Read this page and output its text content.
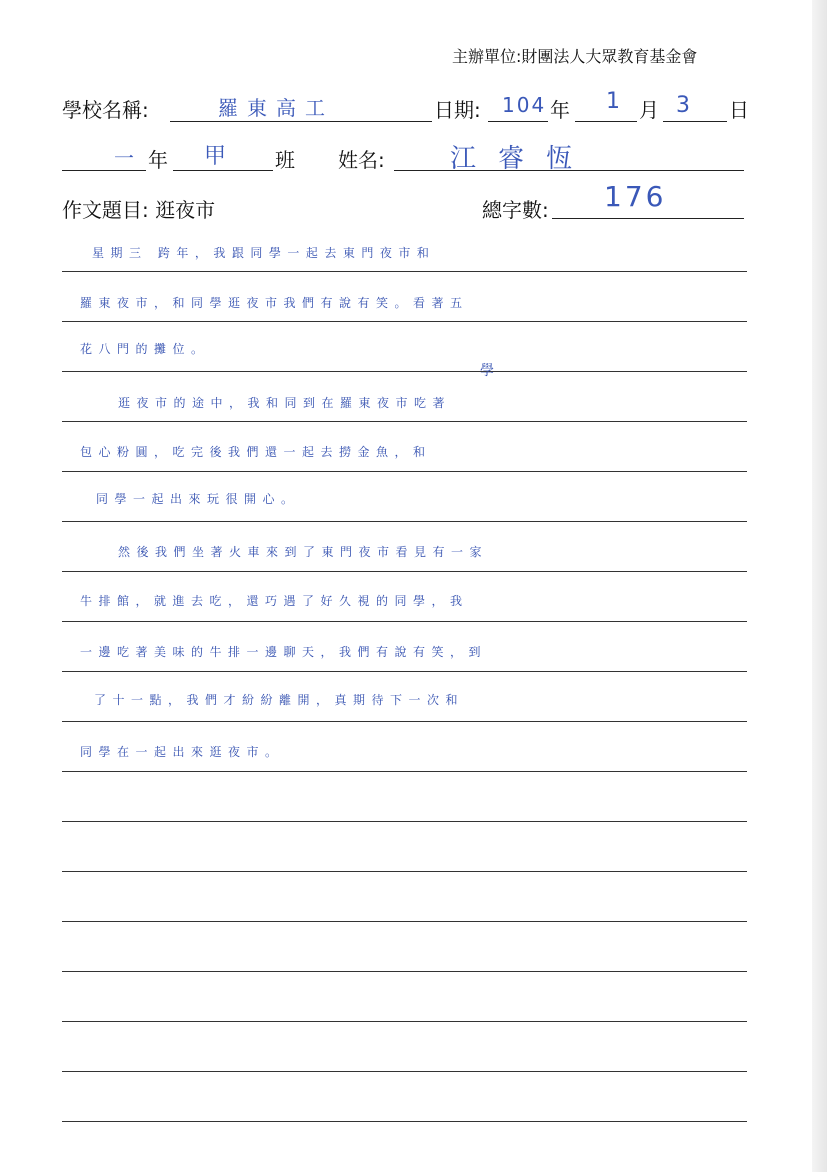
主辦單位:財團法人大眾教育基金會
學校名稱:	羅東高工	日期: 104 年 1 月 3 日
一 年 甲 班 姓名:	江睿恆
作文題目: 逛夜市	總字數: 176
星期三 跨年，我跟同學一起去東門夜市和
羅東夜市，和同學逛夜市我們有說有笑。看著五
花八門的攤位。
學
逛夜市的途中，我和同到在羅東夜市吃著
包心粉圓，吃完後我們還一起去撈金魚，和
同學一起出來玩很開心。
然後我們坐著火車來到了東門夜市看見有一家
牛排館，就進去吃，還巧遇了好久視的同學，我
一邊吃著美味的牛排一邊聊天，我們有說有笑，到
了十一點，我們才紛紛離開，真期待下一次和
同學在一起出來逛夜市。
